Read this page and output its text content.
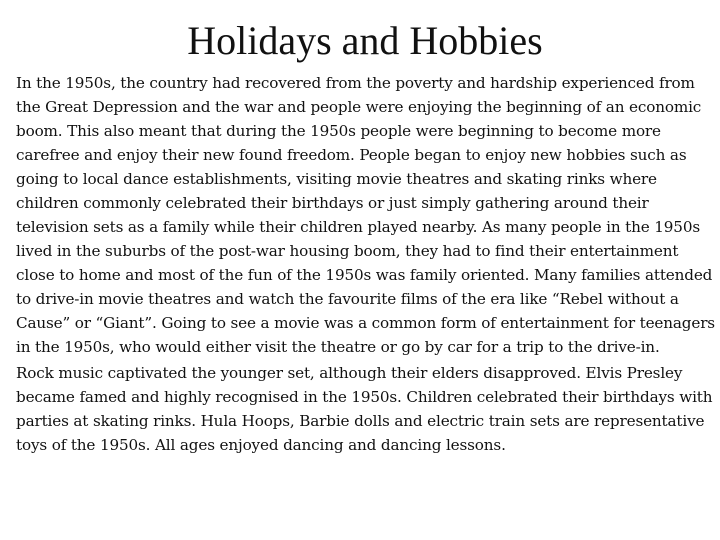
Holidays and Hobbies

In the 1950s, the country had recovered from the poverty and hardship experienced from the Great Depression and the war and people were enjoying the beginning of an economic boom. This also meant that during the 1950s people were beginning to become more carefree and enjoy their new found freedom. People began to enjoy new hobbies such as going to local dance establishments, visiting movie theatres and skating rinks where children commonly celebrated their birthdays or just simply gathering around their television sets as a family while their children played nearby. As many people in the 1950s lived in the suburbs of the post-war housing boom, they had to find their entertainment close to home and most of the fun of the 1950s was family oriented. Many families attended to drive-in movie theatres and watch the favourite films of the era like “Rebel without a Cause” or “Giant”. Going to see a movie was a common form of entertainment for teenagers in the 1950s, who would either visit the theatre or go by car for a trip to the drive-in.

Rock music captivated the younger set, although their elders disapproved. Elvis Presley became famed and highly recognised in the 1950s. Children celebrated their birthdays with parties at skating rinks. Hula Hoops, Barbie dolls and electric train sets are representative toys of the 1950s. All ages enjoyed dancing and dancing lessons.
